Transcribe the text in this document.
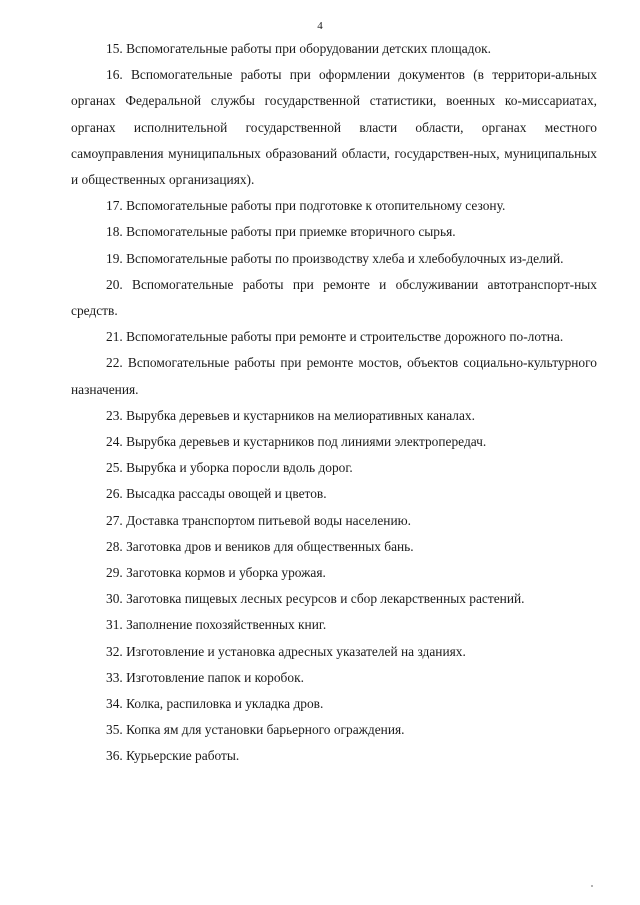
4

15. Вспомогательные работы при оборудовании детских площадок.

16. Вспомогательные работы при оформлении документов (в территори-альных органах Федеральной службы государственной статистики, военных ко-миссариатах, органах исполнительной государственной власти области, органах местного самоуправления муниципальных образований области, государствен-ных, муниципальных и общественных организациях).

17. Вспомогательные работы при подготовке к отопительному сезону.

18. Вспомогательные работы при приемке вторичного сырья.

19. Вспомогательные работы по производству хлеба и хлебобулочных из-делий.

20. Вспомогательные работы при ремонте и обслуживании автотранспорт-ных средств.

21. Вспомогательные работы при ремонте и строительстве дорожного по-лотна.

22. Вспомогательные работы при ремонте мостов, объектов социально-культурного назначения.

23. Вырубка деревьев и кустарников на мелиоративных каналах.

24. Вырубка деревьев и кустарников под линиями электропередач.

25. Вырубка и уборка поросли вдоль дорог.

26. Высадка рассады овощей и цветов.

27. Доставка транспортом питьевой воды населению.

28. Заготовка дров и веников для общественных бань.

29. Заготовка кормов и уборка урожая.

30. Заготовка пищевых лесных ресурсов и сбор лекарственных растений.

31. Заполнение похозяйственных книг.

32. Изготовление и установка адресных указателей на зданиях.

33. Изготовление папок и коробок.

34. Колка, распиловка и укладка дров.

35. Копка ям для установки барьерного ограждения.

36. Курьерские работы.
